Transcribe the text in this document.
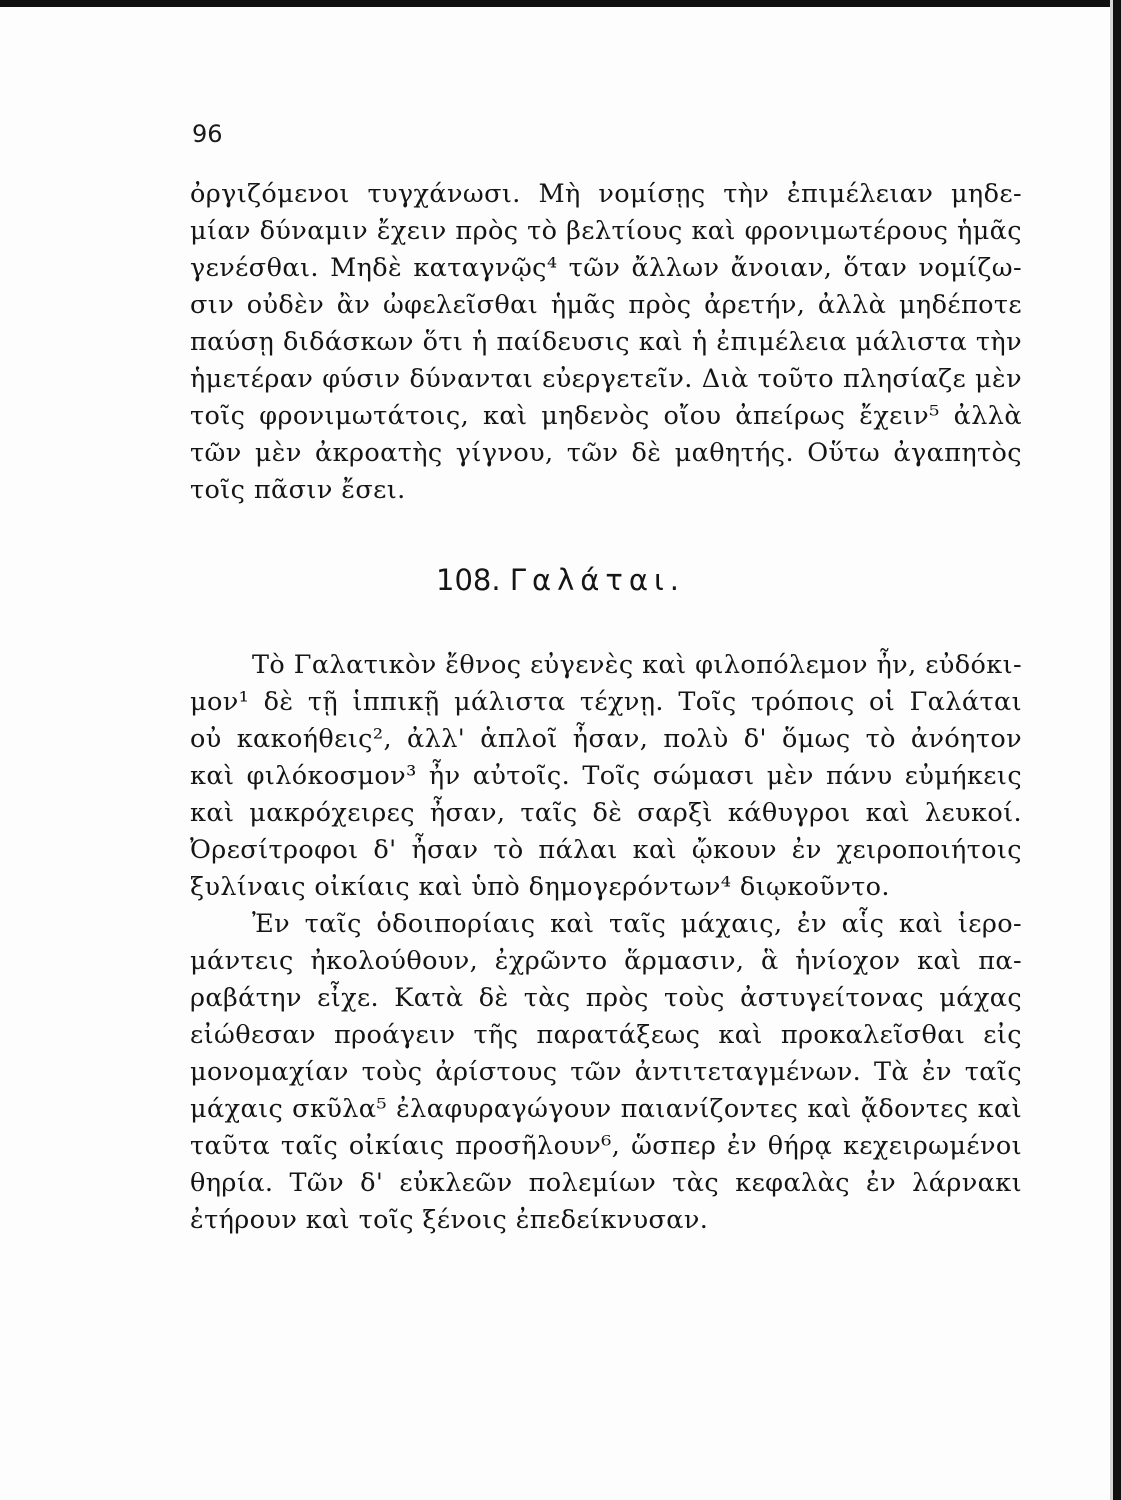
96
ὀργιζόμενοι τυγχάνωσι. Μὴ νομίσῃς τὴν ἐπιμέλειαν μηδε-
μίαν δύναμιν ἔχειν πρὸς τὸ βελτίους καὶ φρονιμωτέρους ἡμᾶς
γενέσθαι. Μηδὲ καταγνῷς⁴ τῶν ἄλλων ἄνοιαν, ὅταν νομίζω-
σιν οὐδὲν ἂν ὠφελεῖσθαι ἡμᾶς πρὸς ἀρετήν, ἀλλὰ μηδέποτε
παύσῃ διδάσκων ὅτι ἡ παίδευσις καὶ ἡ ἐπιμέλεια μάλιστα τὴν
ἡμετέραν φύσιν δύνανται εὐεργετεῖν. Διὰ τοῦτο πλησίαζε μὲν
τοῖς φρονιμωτάτοις, καὶ μηδενὸς οἴου ἀπείρως ἔχειν⁵ ἀλλὰ
τῶν μὲν ἀκροατὴς γίγνου, τῶν δὲ μαθητής. Οὕτω ἀγαπητὸς
τοῖς πᾶσιν ἔσει.
108. Γαλάται.
Τὸ Γαλατικὸν ἔθνος εὐγενὲς καὶ φιλοπόλεμον ἦν, εὐδόκι-
μον¹ δὲ τῇ ἱππικῇ μάλιστα τέχνῃ. Τοῖς τρόποις οἱ Γαλάται
οὐ κακοήθεις², ἀλλ' ἁπλοῖ ἦσαν, πολὺ δ' ὅμως τὸ ἀνόητον
καὶ φιλόκοσμον³ ἦν αὐτοῖς. Τοῖς σώμασι μὲν πάνυ εὐμήκεις
καὶ μακρόχειρες ἦσαν, ταῖς δὲ σαρξὶ κάθυγροι καὶ λευκοί.
Ὀρεσίτροφοι δ' ἦσαν τὸ πάλαι καὶ ᾤκουν ἐν χειροποιήτοις
ξυλίναις οἰκίαις καὶ ὑπὸ δημογερόντων⁴ διῳκοῦντο.
Ἐν ταῖς ὁδοιπορίαις καὶ ταῖς μάχαις, ἐν αἷς καὶ ἱερο-
μάντεις ἠκολούθουν, ἐχρῶντο ἅρμασιν, ἃ ἡνίοχον καὶ πα-
ραβάτην εἶχε. Κατὰ δὲ τὰς πρὸς τοὺς ἀστυγείτονας μάχας
εἰώθεσαν προάγειν τῆς παρατάξεως καὶ προκαλεῖσθαι εἰς
μονομαχίαν τοὺς ἀρίστους τῶν ἀντιτεταγμένων. Τὰ ἐν ταῖς
μάχαις σκῦλα⁵ ἐλαφυραγώγουν παιανίζοντες καὶ ᾄδοντες καὶ
ταῦτα ταῖς οἰκίαις προσῆλουν⁶, ὥσπερ ἐν θήρᾳ κεχειρωμένοι
θηρία. Τῶν δ' εὐκλεῶν πολεμίων τὰς κεφαλὰς ἐν λάρνακι
ἐτήρουν καὶ τοῖς ξένοις ἐπεδείκνυσαν.
